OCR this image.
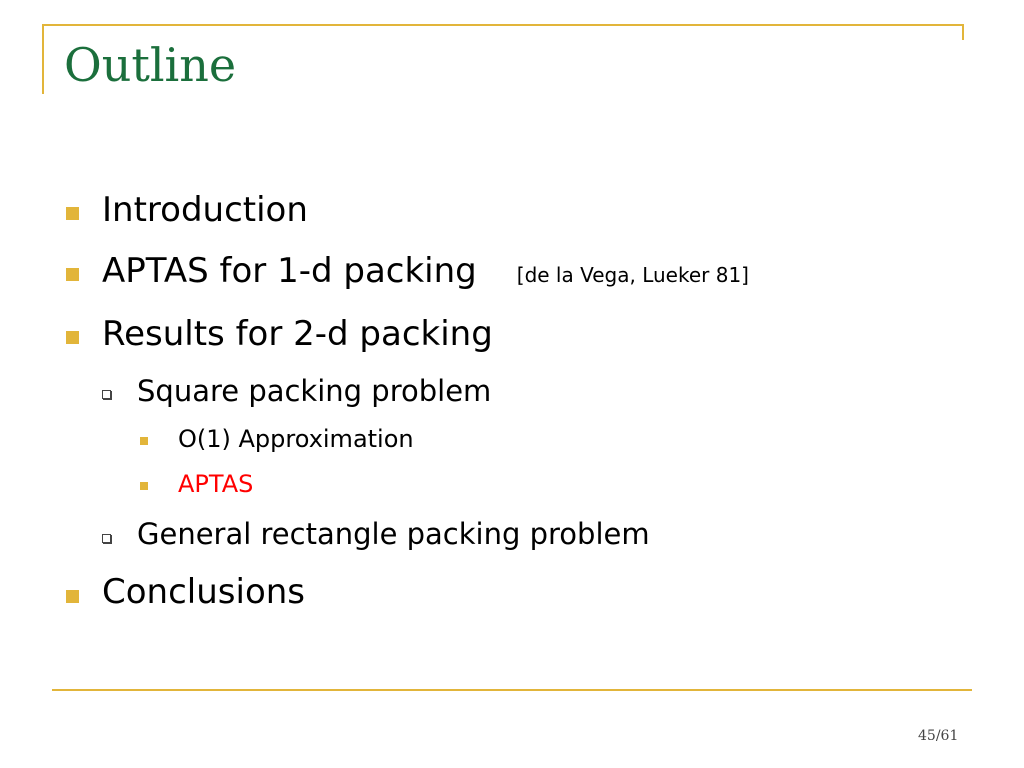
Outline
Introduction
APTAS for 1-d packing [de la Vega, Lueker 81]
Results for 2-d packing
Square packing problem
O(1) Approximation
APTAS
General rectangle packing problem
Conclusions
45/61
